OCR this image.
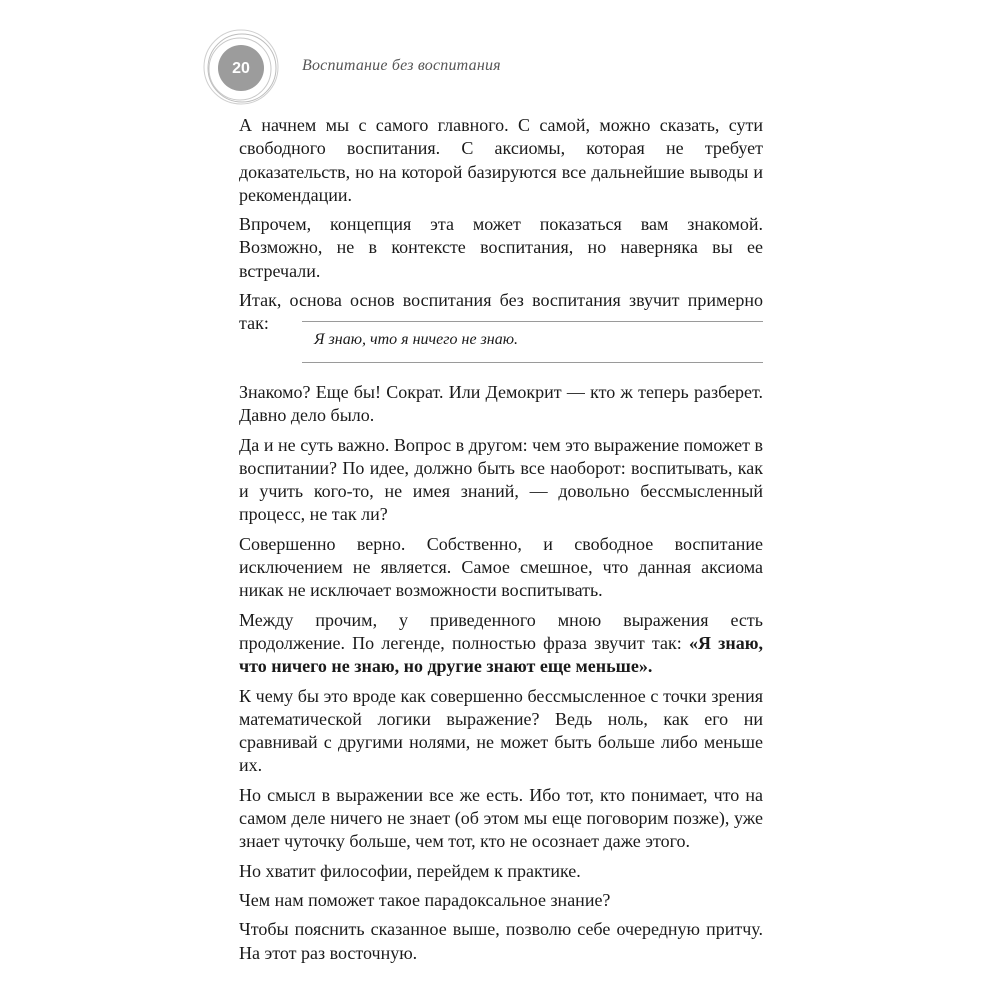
20	Воспитание без воспитания

А начнем мы с самого главного. С самой, можно сказать, сути свободного воспитания. С аксиомы, которая не требует доказательств, но на которой базируются все дальнейшие выводы и рекомендации.

Впрочем, концепция эта может показаться вам знакомой. Возможно, не в контексте воспитания, но наверняка вы ее встречали.

Итак, основа основ воспитания без воспитания звучит примерно так:

Я знаю, что я ничего не знаю.

Знакомо? Еще бы! Сократ. Или Демокрит — кто ж теперь разберет. Давно дело было.

Да и не суть важно. Вопрос в другом: чем это выражение поможет в воспитании? По идее, должно быть все наоборот: воспитывать, как и учить кого-то, не имея знаний, — довольно бессмысленный процесс, не так ли?

Совершенно верно. Собственно, и свободное воспитание исключением не является. Самое смешное, что данная аксиома никак не исключает возможности воспитывать.

Между прочим, у приведенного мною выражения есть продолжение. По легенде, полностью фраза звучит так: «Я знаю, что ничего не знаю, но другие знают еще меньше».

К чему бы это вроде как совершенно бессмысленное с точки зрения математической логики выражение? Ведь ноль, как его ни сравнивай с другими нолями, не может быть больше либо меньше их.

Но смысл в выражении все же есть. Ибо тот, кто понимает, что на самом деле ничего не знает (об этом мы еще поговорим позже), уже знает чуточку больше, чем тот, кто не осознает даже этого.

Но хватит философии, перейдем к практике.

Чем нам поможет такое парадоксальное знание?

Чтобы пояснить сказанное выше, позволю себе очередную притчу. На этот раз восточную.
